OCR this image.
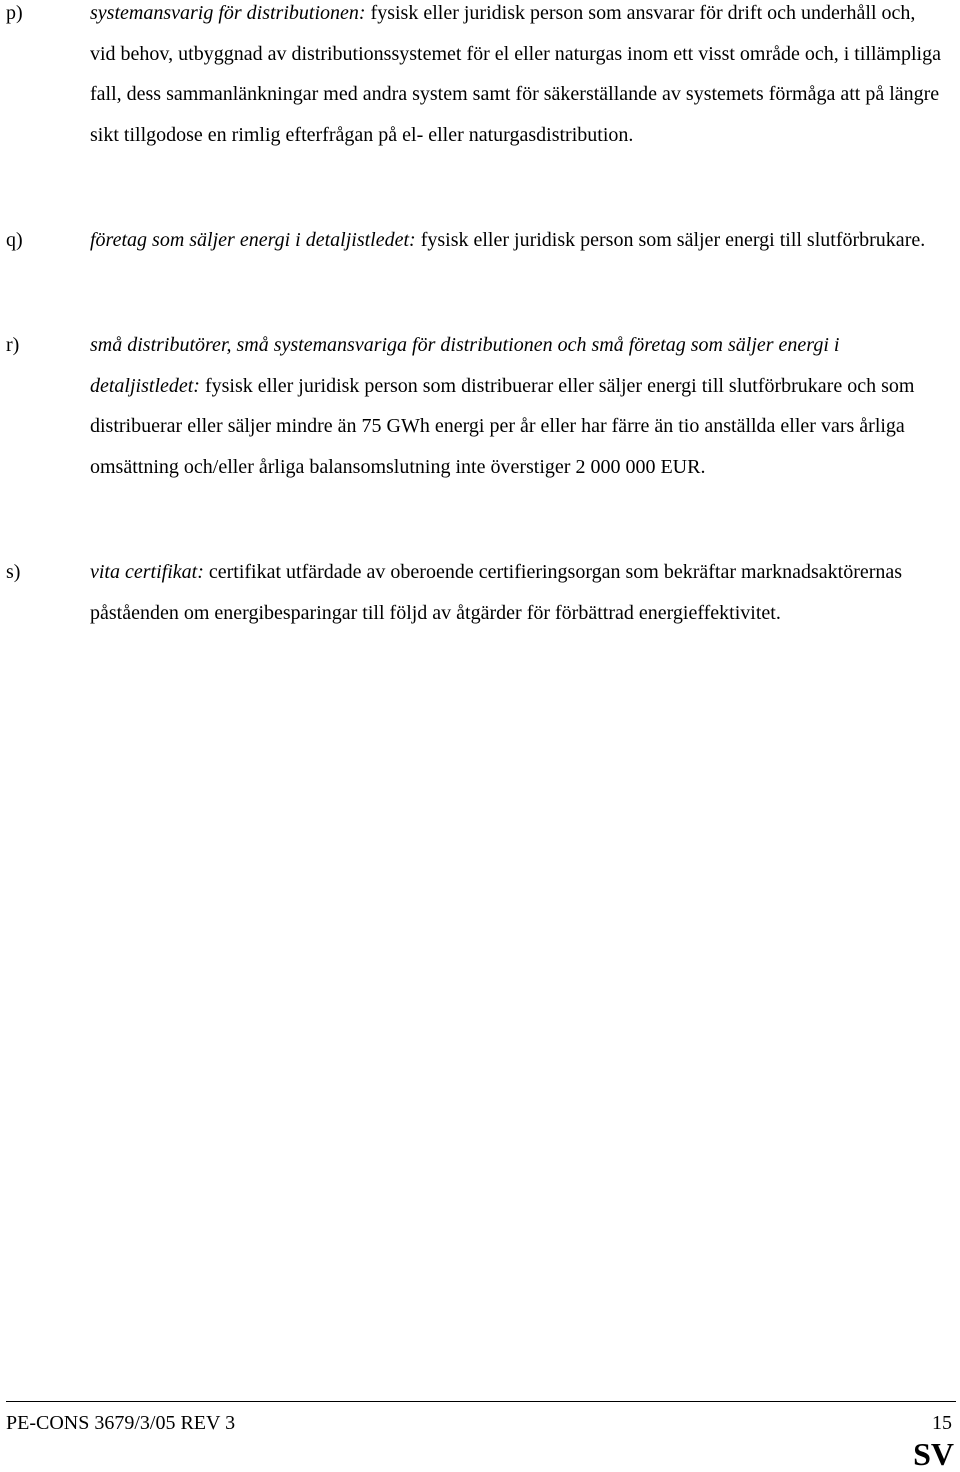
p)	systemansvarig för distributionen: fysisk eller juridisk person som ansvarar för drift och underhåll och, vid behov, utbyggnad av distributionssystemet för el eller naturgas inom ett visst område och, i tillämpliga fall, dess sammanlänkningar med andra system samt för säkerställande av systemets förmåga att på längre sikt tillgodose en rimlig efterfrågan på el- eller naturgasdistribution.
q)	företag som säljer energi i detaljistledet: fysisk eller juridisk person som säljer energi till slutförbrukare.
r)	små distributörer, små systemansvariga för distributionen och små företag som säljer energi i detaljistledet: fysisk eller juridisk person som distribuerar eller säljer energi till slutförbrukare och som distribuerar eller säljer mindre än 75 GWh energi per år eller har färre än tio anställda eller vars årliga omsättning och/eller årliga balansomslutning inte överstiger 2 000 000 EUR.
s)	vita certifikat: certifikat utfärdade av oberoende certifieringsorgan som bekräftar marknadsaktörernas påståenden om energibesparingar till följd av åtgärder för förbättrad energieffektivitet.
PE-CONS 3679/3/05 REV 3	15
SV
